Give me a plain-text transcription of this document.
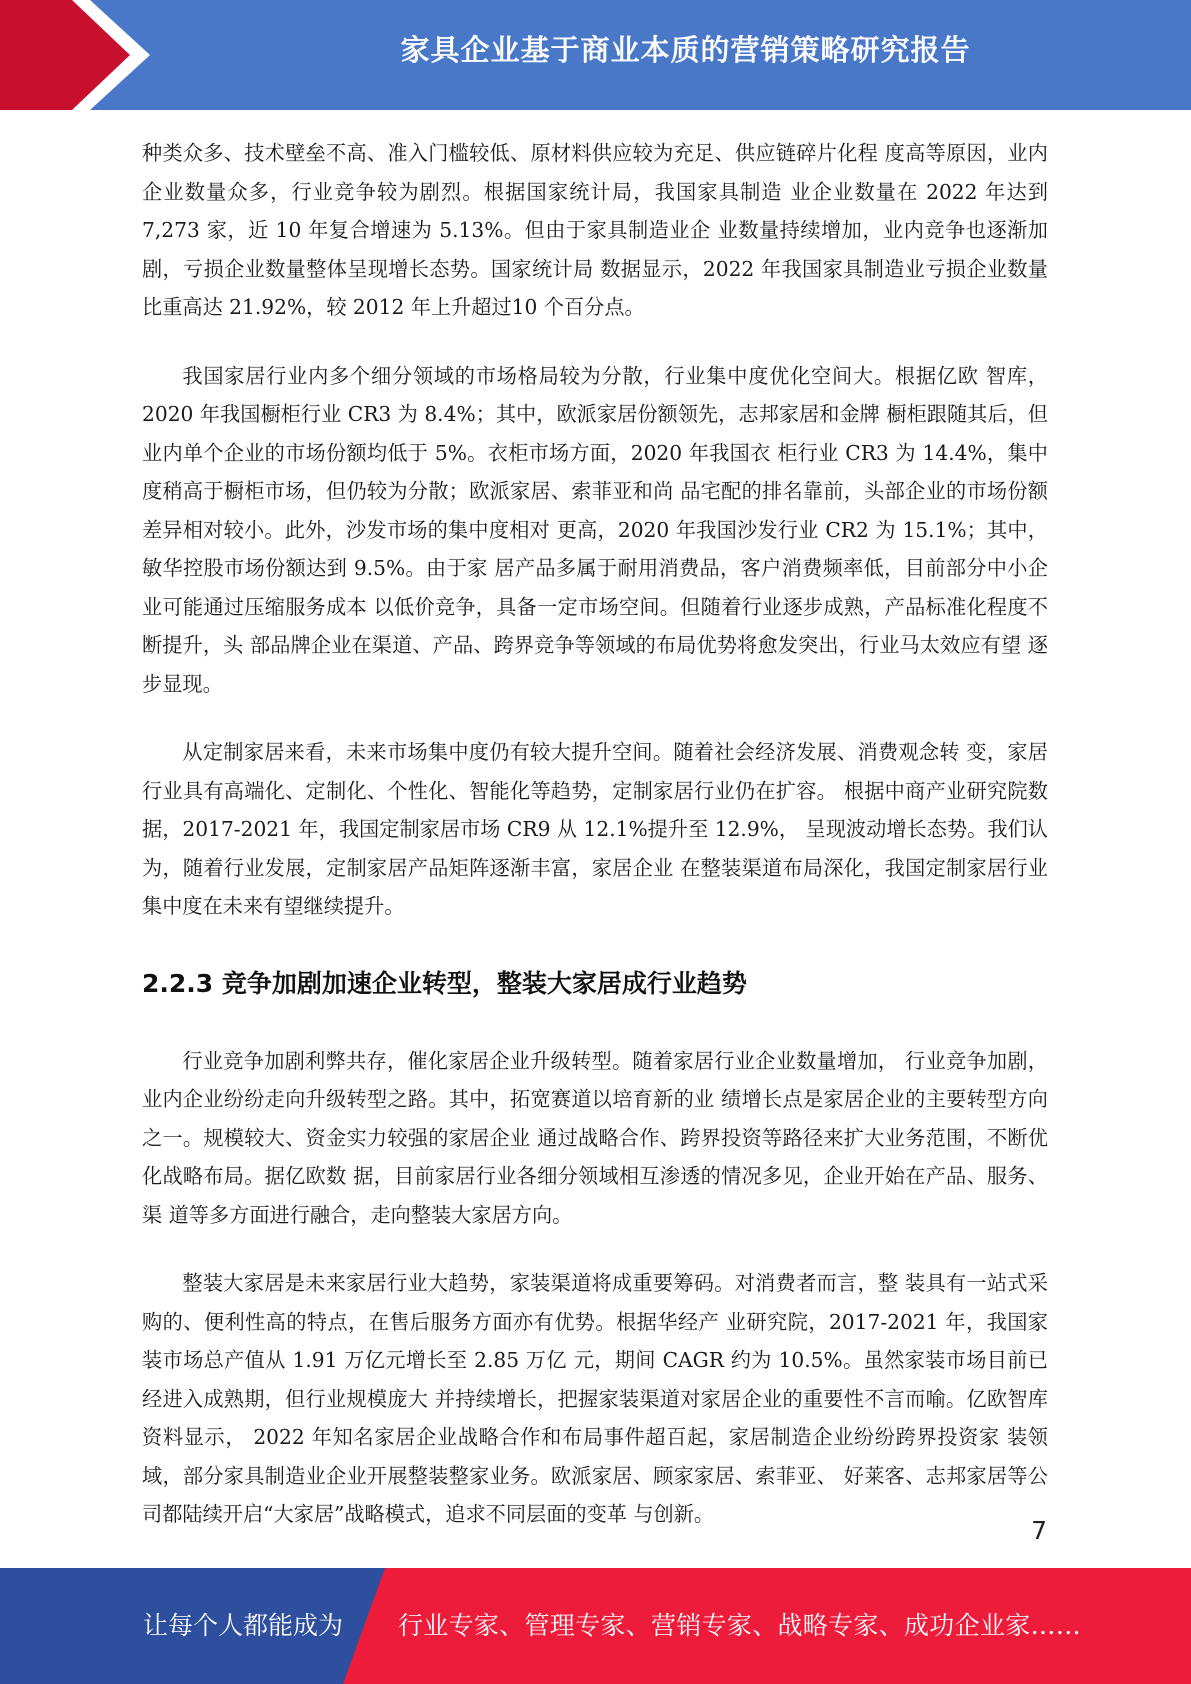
家具企业基于商业本质的营销策略研究报告

种类众多、技术壁垒不高、准入门槛较低、原材料供应较为充足、供应链碎片化程 度高等原因，业内企业数量众多，行业竞争较为剧烈。根据国家统计局，我国家具制造 业企业数量在 2022 年达到 7,273 家，近 10 年复合增速为 5.13%。但由于家具制造业企 业数量持续增加，业内竞争也逐渐加剧，亏损企业数量整体呈现增长态势。国家统计局 数据显示，2022 年我国家具制造业亏损企业数量比重高达 21.92%，较 2012 年上升超过10 个百分点。

我国家居行业内多个细分领域的市场格局较为分散，行业集中度优化空间大。根据亿欧 智库，2020 年我国橱柜行业 CR3 为 8.4%；其中，欧派家居份额领先，志邦家居和金牌 橱柜跟随其后，但业内单个企业的市场份额均低于 5%。衣柜市场方面，2020 年我国衣 柜行业 CR3 为 14.4%，集中度稍高于橱柜市场，但仍较为分散；欧派家居、索菲亚和尚 品宅配的排名靠前，头部企业的市场份额差异相对较小。此外，沙发市场的集中度相对 更高，2020 年我国沙发行业 CR2 为 15.1%；其中，敏华控股市场份额达到 9.5%。由于家 居产品多属于耐用消费品，客户消费频率低，目前部分中小企业可能通过压缩服务成本 以低价竞争，具备一定市场空间。但随着行业逐步成熟，产品标准化程度不断提升，头 部品牌企业在渠道、产品、跨界竞争等领域的布局优势将愈发突出，行业马太效应有望 逐步显现。

从定制家居来看，未来市场集中度仍有较大提升空间。随着社会经济发展、消费观念转 变，家居行业具有高端化、定制化、个性化、智能化等趋势，定制家居行业仍在扩容。 根据中商产业研究院数据，2017-2021 年，我国定制家居市场 CR9 从 12.1%提升至 12.9%， 呈现波动增长态势。我们认为，随着行业发展，定制家居产品矩阵逐渐丰富，家居企业 在整装渠道布局深化，我国定制家居行业集中度在未来有望继续提升。

2.2.3 竞争加剧加速企业转型，整装大家居成行业趋势

行业竞争加剧利弊共存，催化家居企业升级转型。随着家居行业企业数量增加， 行业竞争加剧，业内企业纷纷走向升级转型之路。其中，拓宽赛道以培育新的业 绩增长点是家居企业的主要转型方向之一。规模较大、资金实力较强的家居企业 通过战略合作、跨界投资等路径来扩大业务范围，不断优化战略布局。据亿欧数 据，目前家居行业各细分领域相互渗透的情况多见，企业开始在产品、服务、渠 道等多方面进行融合，走向整装大家居方向。

整装大家居是未来家居行业大趋势，家装渠道将成重要筹码。对消费者而言，整 装具有一站式采购的、便利性高的特点，在售后服务方面亦有优势。根据华经产 业研究院，2017-2021 年，我国家装市场总产值从 1.91 万亿元增长至 2.85 万亿 元，期间 CAGR 约为 10.5%。虽然家装市场目前已经进入成熟期，但行业规模庞大 并持续增长，把握家装渠道对家居企业的重要性不言而喻。亿欧智库资料显示， 2022 年知名家居企业战略合作和布局事件超百起，家居制造企业纷纷跨界投资家 装领域，部分家具制造业企业开展整装整家业务。欧派家居、顾家家居、索菲亚、 好莱客、志邦家居等公司都陆续开启“大家居”战略模式，追求不同层面的变革 与创新。

7
让每个人都能成为 行业专家、管理专家、营销专家、战略专家、成功企业家……
